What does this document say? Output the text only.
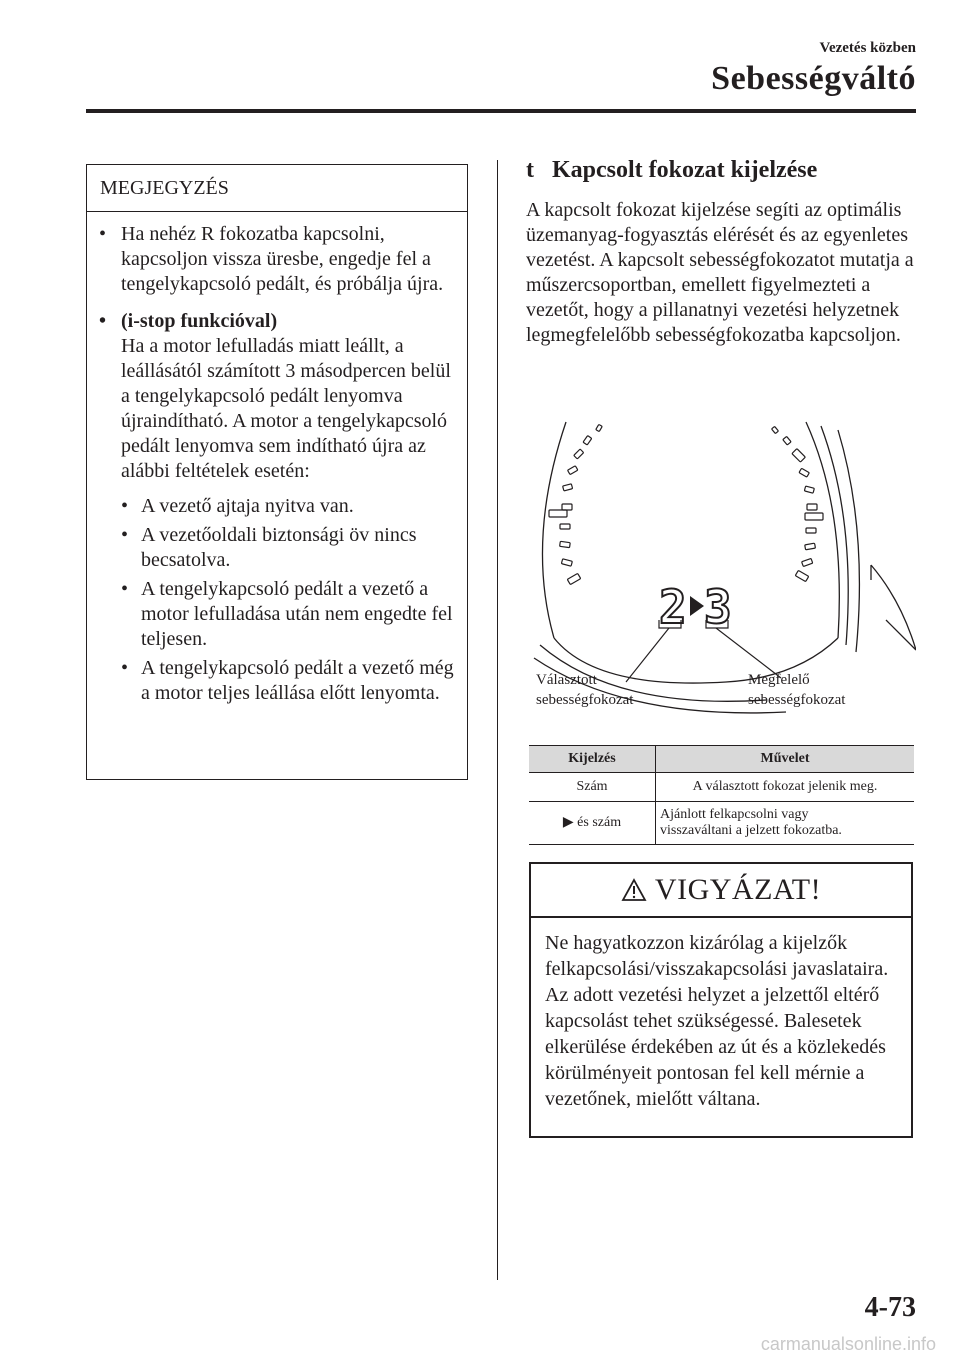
Vezetés közben
Sebességváltó
MEGJEGYZÉS
• Ha nehéz R fokozatba kapcsolni, kapcsoljon vissza üresbe, engedje fel a tengelykapcsoló pedált, és próbálja újra.
• (i-stop funkcióval)
Ha a motor lefulladás miatt leállt, a leállásától számított 3 másodpercen belül a tengelykapcsoló pedált lenyomva újraindítható. A motor a tengelykapcsoló pedált lenyomva sem indítható újra az alábbi feltételek esetén:
• A vezető ajtaja nyitva van.
• A vezetőoldali biztonsági öv nincs becsatolva.
• A tengelykapcsoló pedált a vezető a motor lefulladása után nem engedte fel teljesen.
• A tengelykapcsoló pedált a vezető még a motor teljes leállása előtt lenyomta.
t Kapcsolt fokozat kijelzése
A kapcsolt fokozat kijelzése segíti az optimális üzemanyag-fogyasztás elérését és az egyenletes vezetést. A kapcsolt sebességfokozatot mutatja a műszercsoportban, emellett figyelmezteti a vezetőt, hogy a pillanatnyi vezetési helyzetnek legmegfelelőbb sebességfokozatba kapcsoljon.
2 3
Választott
sebességfokozat
Megfelelő
sebességfokozat
Kijelzés	Művelet
Szám	A választott fokozat jelenik meg.
▶ és szám	Ajánlott felkapcsolni vagy
visszaváltani a jelzett fokozatba.
VIGYÁZAT!
Ne hagyatkozzon kizárólag a kijelzők felkapcsolási/visszakapcsolási javaslataira. Az adott vezetési helyzet a jelzettől eltérő kapcsolást tehet szükségessé. Balesetek elkerülése érdekében az út és a közlekedés körülményeit pontosan fel kell mérnie a vezetőnek, mielőtt váltana.
4-73
carmanualsonline.info
